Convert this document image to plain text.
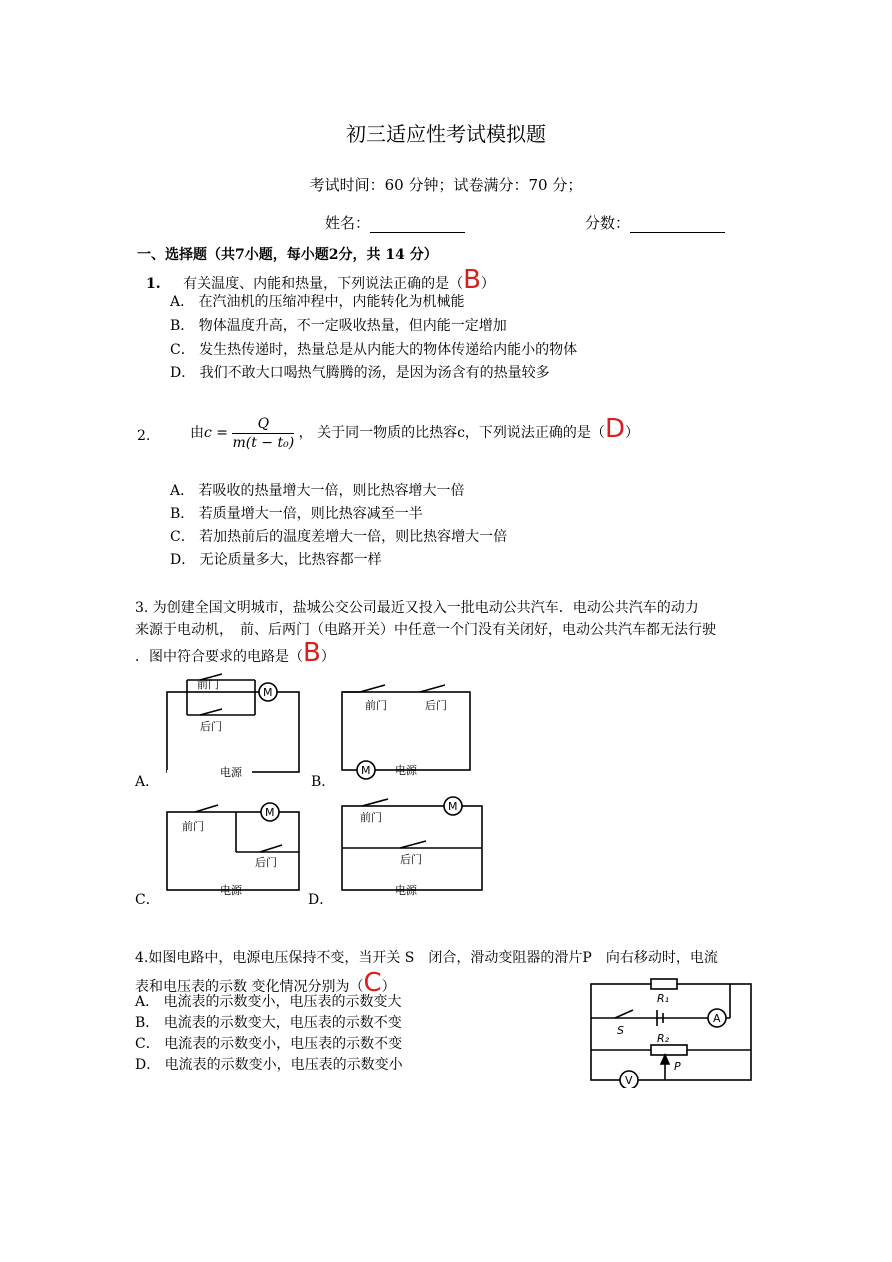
初三适应性考试模拟题
考试时间：60 分钟；试卷满分：70 分；
姓名：	分数：
一、选择题（共7小题，每小题2分，共 14 分）
1. 有关温度、内能和热量，下列说法正确的是（B）
A． 在汽油机的压缩冲程中，内能转化为机械能
B． 物体温度升高，不一定吸收热量，但内能一定增加
C． 发生热传递时，热量总是从内能大的物体传递给内能小的物体
D． 我们不敢大口喝热气腾腾的汤，是因为汤含有的热量较多
2.	由$c = \frac{Q}{\text{m(t − t₀)}}$ ， 关于同一物质的比热容c，下列说法正确的是（D）
A． 若吸收的热量增大一倍，则比热容增大一倍
B． 若质量增大一倍，则比热容减至一半
C． 若加热前后的温度差增大一倍，则比热容增大一倍
D． 无论质量多大，比热容都一样
3. 为创建全国文明城市，盐城公交公司最近又投入一批电动公共汽车．电动公共汽车的动力
来源于电动机，　前、后两门（电路开关）中任意一个门没有关闭好，电动公共汽车都无法行驶
．图中符合要求的电路是（B）
前门
后门
M
电源
前门	后门
M 电源
前门
后门
M
电源
前门
后门
M
电源
A．	B．
C．	D．
4.如图电路中，电源电压保持不变，当开关 S　闭合，滑动变阻器的滑片P　向右移动时，电流
表和电压表的示数 变化情况分别为（C）
A． 电流表的示数变小，电压表的示数变大
B． 电流表的示数变大，电压表的示数不变
C． 电流表的示数变小，电压表的示数不变
D． 电流表的示数变小，电压表的示数变小
R₁
S
A
R₂
P
V
